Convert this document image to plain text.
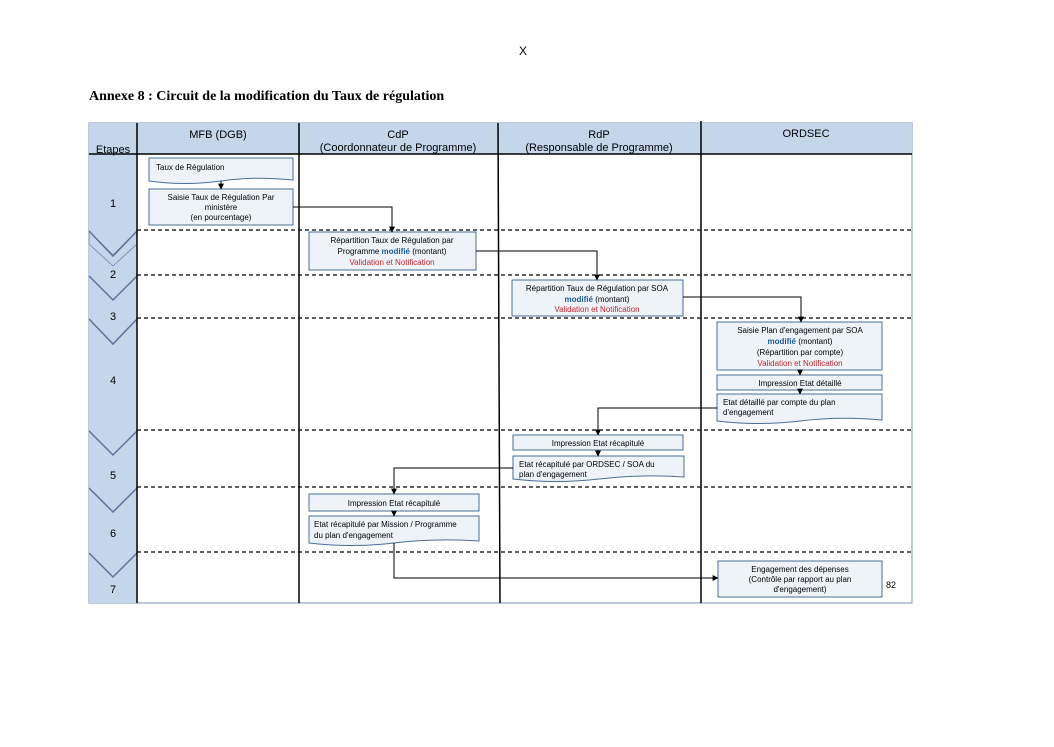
X
Annexe 8 : Circuit de la modification du Taux de régulation
Etapes
MFB (DGB)	CdP
(Coordonnateur de Programme)
RdP
(Responsable de Programme)
ORDSEC
1
2
3
4
5
6
7
Taux de Régulation
Saisie Taux de Régulation Par
ministère
(en pourcentage)
Répartition Taux de Régulation par
Programme modifié (montant)
Validation et Notification
Répartition Taux de Régulation par SOA
modifié (montant)
Validation et Notification
Saisie Plan d'engagement par SOA
modifié (montant)
(Répartition par compte)
Validation et Notification
Impression Etat détaillé
Etat détaillé par compte du plan
d'engagement
Impression Etat récapitulé
Etat récapitulé par ORDSEC / SOA du
plan d'engagement
Impression Etat récapitulé
Etat récapitulé par Mission / Programme
du plan d'engagement
Engagement des dépenses
(Contrôle par rapport au plan
d'engagement)	82
